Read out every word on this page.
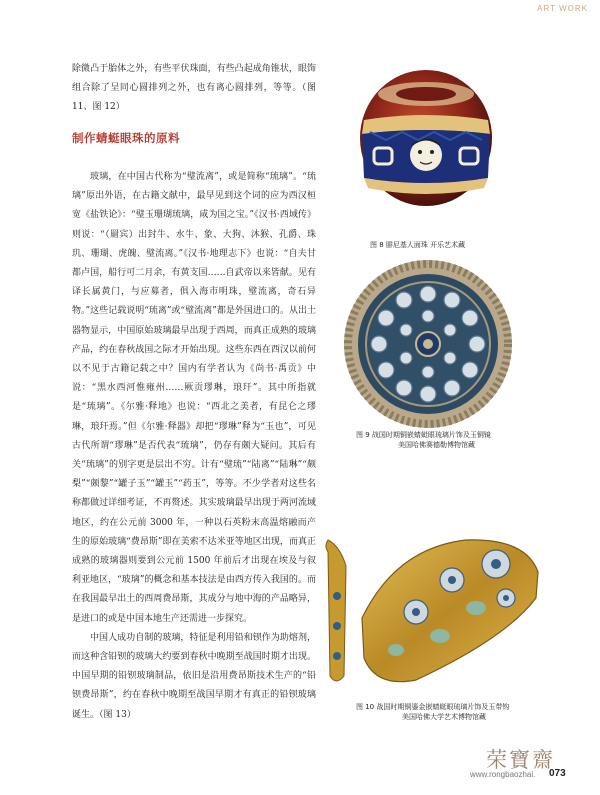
ART WORK

除微凸于胎体之外，有些平伏珠面，有些凸起成角锥状，眼饰组合除了呈同心圆排列之外，也有离心圆排列，等等。（图 11、图 12）

制作蜻蜓眼珠的原料

玻璃，在中国古代称为“璧流离”，或是简称“琉璃”。“琉璃”原出外语，在古籍文献中，最早见到这个词的应为西汉桓宽《盐铁论》：“璧玉珊瑚琉璃，咸为国之宝。”《汉书·西域传》则说：“（罽宾）出封牛、水牛、象、大狗、沐猴、孔爵、珠玑、珊瑚、虎魄、璧流离。”《汉书·地理志下》也说：“自夫甘都卢国，船行可二月余，有黄支国……自武帝以来皆献。见有译长属黄门，与应募者，俱入海市明珠，璧流离，奇石异物。”这些记载说明“琉离”或“璧流离”都是外国进口的。从出土器物显示，中国原始玻璃最早出现于西周，而真正成熟的玻璃产品，约在春秋战国之际才开始出现。这些东西在西汉以前何以不见于古籍记载之中？国内有学者认为《尚书·禹贡》中说：“黑水西河惟雍州……厥贡璆琳，琅玕”。其中所指就是“琉璃”。《尔雅·释地》也说：“西北之美者，有昆仑之璆琳，琅玕焉。”但《尔雅·释器》却把“璆琳”释为“玉也”，可见古代所谓“璆琳”是否代表“琉璃”，仍存有颇大疑问。其后有关“琉璃”的别字更是层出不穷。计有“璧琉”“陆离”“陆琳”“颇梨”“颇黎”“罐子玉”“罐玉”“药玉”，等等。不少学者对这些名称都做过详细考证，不再赘述。其实玻璃最早出现于两河流域地区，约在公元前 3000 年，一种以石英粉末高温熔融而产生的原始玻璃“费昂斯”即在美索不达米亚等地区出现，而真正成熟的玻璃器则要到公元前 1500 年前后才出现在埃及与叙利亚地区，“玻璃”的概念和基本技法是由西方传入我国的。而在我国最早出土的西周费昂斯，其成分与地中海的产品略异，是进口的或是中国本地生产还需进一步探究。

中国人成功自制的玻璃，特征是利用铅和钡作为助熔剂，而这种含铅钡的玻璃大约要到春秋中晚期至战国时期才出现。中国早期的铅钡玻璃制品，依旧是沿用费昂斯技术生产的“铅钡费昂斯”，约在春秋中晚期至战国早期才有真正的铅钡玻璃诞生。（图 13）

图 8 腓尼基人面珠 开乐艺术藏
图 9 战国时期铜嵌蜻蜓眼琉璃片饰及玉铜镜
美国哈佛赛德勒博物馆藏
图 10 战国时期铜鎏金嵌蜻蜓眼琉璃片饰及玉带钩
美国哈佛大学艺术博物馆藏
荣寶齋
www.rongbaozhai. 073
